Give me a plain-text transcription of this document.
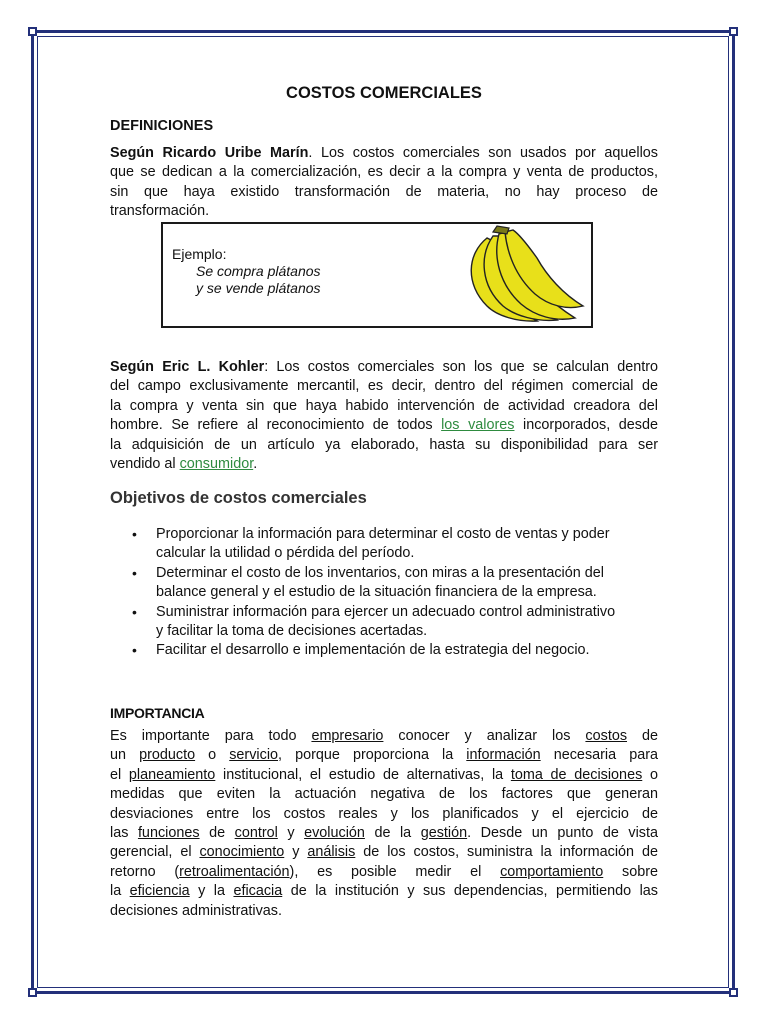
COSTOS COMERCIALES
DEFINICIONES
Según Ricardo Uribe Marín. Los costos comerciales son usados por aquellos
que se dedican a la comercialización, es decir a la compra y venta de productos,
sin que haya existido transformación de materia, no hay proceso de
transformación.
Según Eric L. Kohler: Los costos comerciales son los que se calculan dentro
del campo exclusivamente mercantil, es decir, dentro del régimen comercial de
la compra y venta sin que haya habido intervención de actividad creadora del
hombre. Se refiere al reconocimiento de todos los valores incorporados, desde
la adquisición de un artículo ya elaborado, hasta su disponibilidad para ser
vendido al consumidor.
Objetivos de costos comerciales
• Proporcionar la información para determinar el costo de ventas y poder
calcular la utilidad o pérdida del período.
• Determinar el costo de los inventarios, con miras a la presentación del
balance general y el estudio de la situación financiera de la empresa.
• Suministrar información para ejercer un adecuado control administrativo
y facilitar la toma de decisiones acertadas.
• Facilitar el desarrollo e implementación de la estrategia del negocio.
IMPORTANCIA
Es importante para todo empresario conocer y analizar los costos de
un producto o servicio, porque proporciona la información necesaria para
el planeamiento institucional, el estudio de alternativas, la toma de decisiones o
medidas que eviten la actuación negativa de los factores que generan
desviaciones entre los costos reales y los planificados y el ejercicio de
las funciones de control y evolución de la gestión. Desde un punto de vista
gerencial, el conocimiento y análisis de los costos, suministra la información de
retorno (retroalimentación), es posible medir el comportamiento sobre
la eficiencia y la eficacia de la institución y sus dependencias, permitiendo las
decisiones administrativas.
Ejemplo:
Se compra plátanos
y se vende plátanos
